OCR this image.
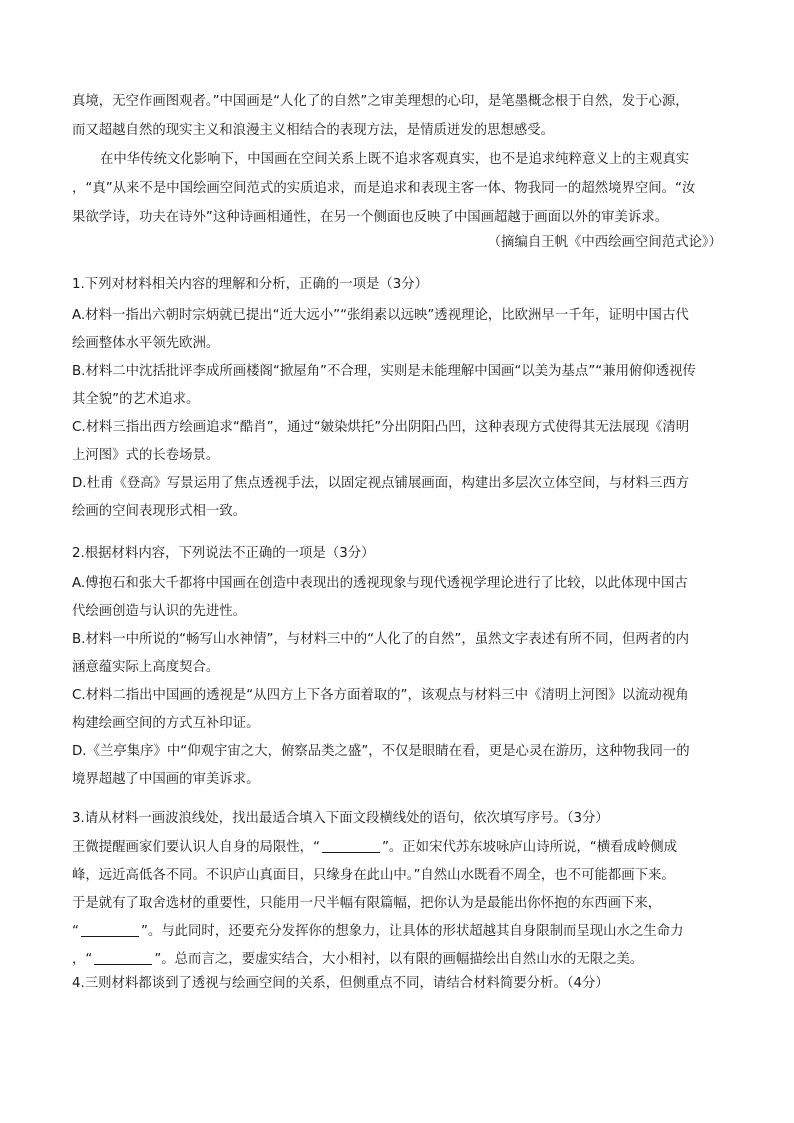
真境，无空作画图观者。”中国画是“人化了的自然”之审美理想的心印，是笔墨概念根于自然，发于心源，
而又超越自然的现实主义和浪漫主义相结合的表现方法，是情质迸发的思想感受。
在中华传统文化影响下，中国画在空间关系上既不追求客观真实，也不是追求纯粹意义上的主观真实
，“真”从来不是中国绘画空间范式的实质追求，而是追求和表现主客一体、物我同一的超然境界空间。“汝
果欲学诗，功夫在诗外”这种诗画相通性，在另一个侧面也反映了中国画超越于画面以外的审美诉求。
（摘编自王帆《中西绘画空间范式论》）
1.下列对材料相关内容的理解和分析，正确的一项是（3分）
A.材料一指出六朝时宗炳就已提出“近大远小”“张绢素以远映”透视理论，比欧洲早一千年，证明中国古代
绘画整体水平领先欧洲。
B.材料二中沈括批评李成所画楼阁“掀屋角”不合理，实则是未能理解中国画“以美为基点”“兼用俯仰透视传
其全貌”的艺术追求。
C.材料三指出西方绘画追求“酷肖”，通过“皴染烘托”分出阴阳凸凹，这种表现方式使得其无法展现《清明
上河图》式的长卷场景。
D.杜甫《登高》写景运用了焦点透视手法，以固定视点铺展画面，构建出多层次立体空间，与材料三西方
绘画的空间表现形式相一致。
2.根据材料内容，下列说法不正确的一项是（3分）
A.傅抱石和张大千都将中国画在创造中表现出的透视现象与现代透视学理论进行了比较，以此体现中国古
代绘画创造与认识的先进性。
B.材料一中所说的“畅写山水神情”，与材料三中的“人化了的自然”，虽然文字表述有所不同，但两者的内
涵意蕴实际上高度契合。
C.材料二指出中国画的透视是“从四方上下各方面着取的”，该观点与材料三中《清明上河图》以流动视角
构建绘画空间的方式互补印证。
D.《兰亭集序》中“仰观宇宙之大，俯察品类之盛”，不仅是眼睛在看，更是心灵在游历，这种物我同一的
境界超越了中国画的审美诉求。
3.请从材料一画波浪线处，找出最适合填入下面文段横线处的语句，依次填写序号。（3分）
王微提醒画家们要认识人自身的局限性，“	”。正如宋代苏东坡咏庐山诗所说，“横看成岭侧成
峰，远近高低各不同。不识庐山真面目，只缘身在此山中。”自然山水既看不周全，也不可能都画下来。
于是就有了取舍选材的重要性，只能用一尺半幅有限篇幅，把你认为是最能出你怀抱的东西画下来，
“	”。与此同时，还要充分发挥你的想象力，让具体的形状超越其自身限制而呈现山水之生命力
，“	”。总而言之，要虚实结合，大小相衬，以有限的画幅描绘出自然山水的无限之美。
4.三则材料都谈到了透视与绘画空间的关系，但侧重点不同，请结合材料简要分析。（4分）
